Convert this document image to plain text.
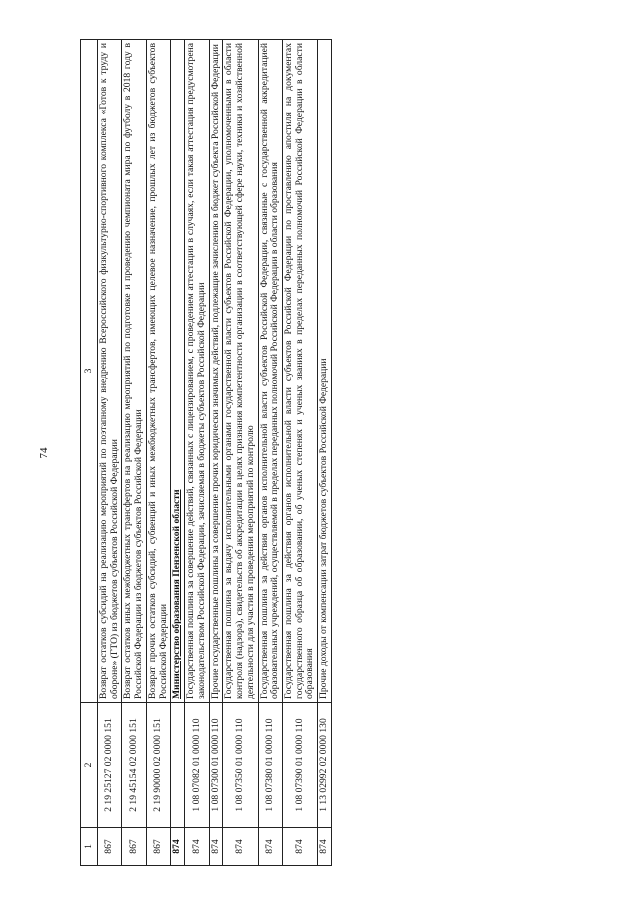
74
1	2	3
867	2 19 25127 02 0000 151	Возврат остатков субсидий на реализацию мероприятий по поэтапному внедрению Всероссийского физкультурно-спортивного комплекса «Готов к труду и обороне» (ГТО) из бюджетов субъектов Российской Федерации
867	2 19 45154 02 0000 151	Возврат остатков иных межбюджетных трансфертов на реализацию мероприятий по подготовке и проведению чемпионата мира по футболу в 2018 году в Российской Федерации из бюджетов субъектов Российской Федерации
867	2 19 90000 02 0000 151	Возврат прочих остатков субсидий, субвенций и иных межбюджетных трансфертов, имеющих целевое назначение, прошлых лет из бюджетов субъектов Российской Федерации
874		Министерство образования Пензенской области
874	1 08 07082 01 0000 110	Государственная пошлина за совершение действий, связанных с лицензированием, с проведением аттестации в случаях, если такая аттестация предусмотрена законодательством Российской Федерации, зачисляемая в бюджеты субъектов Российской Федерации
874	1 08 07300 01 0000 110	Прочие государственные пошлины за совершение прочих юридически значимых действий, подлежащие зачислению в бюджет субъекта Российской Федерации
874	1 08 07350 01 0000 110	Государственная пошлина за выдачу исполнительными органами государственной власти субъектов Российской Федерации, уполномоченными в области контроля (надзора), свидетельств об аккредитации в целях признания компетентности организации в соответствующей сфере науки, техники и хозяйственной деятельности для участия в проведении мероприятий по контролю
874	1 08 07380 01 0000 110	Государственная пошлина за действия органов исполнительной власти субъектов Российской Федерации, связанные с государственной аккредитацией образовательных учреждений, осуществляемой в пределах переданных полномочий Российской Федерации в области образования
874	1 08 07390 01 0000 110	Государственная пошлина за действия органов исполнительной власти субъектов Российской Федерации по проставлению апостиля на документах государственного образца об образовании, об ученых степенях и ученых званиях в пределах переданных полномочий Российской Федерации в области образования
874	1 13 02992 02 0000 130	Прочие доходы от компенсации затрат бюджетов субъектов Российской Федерации
